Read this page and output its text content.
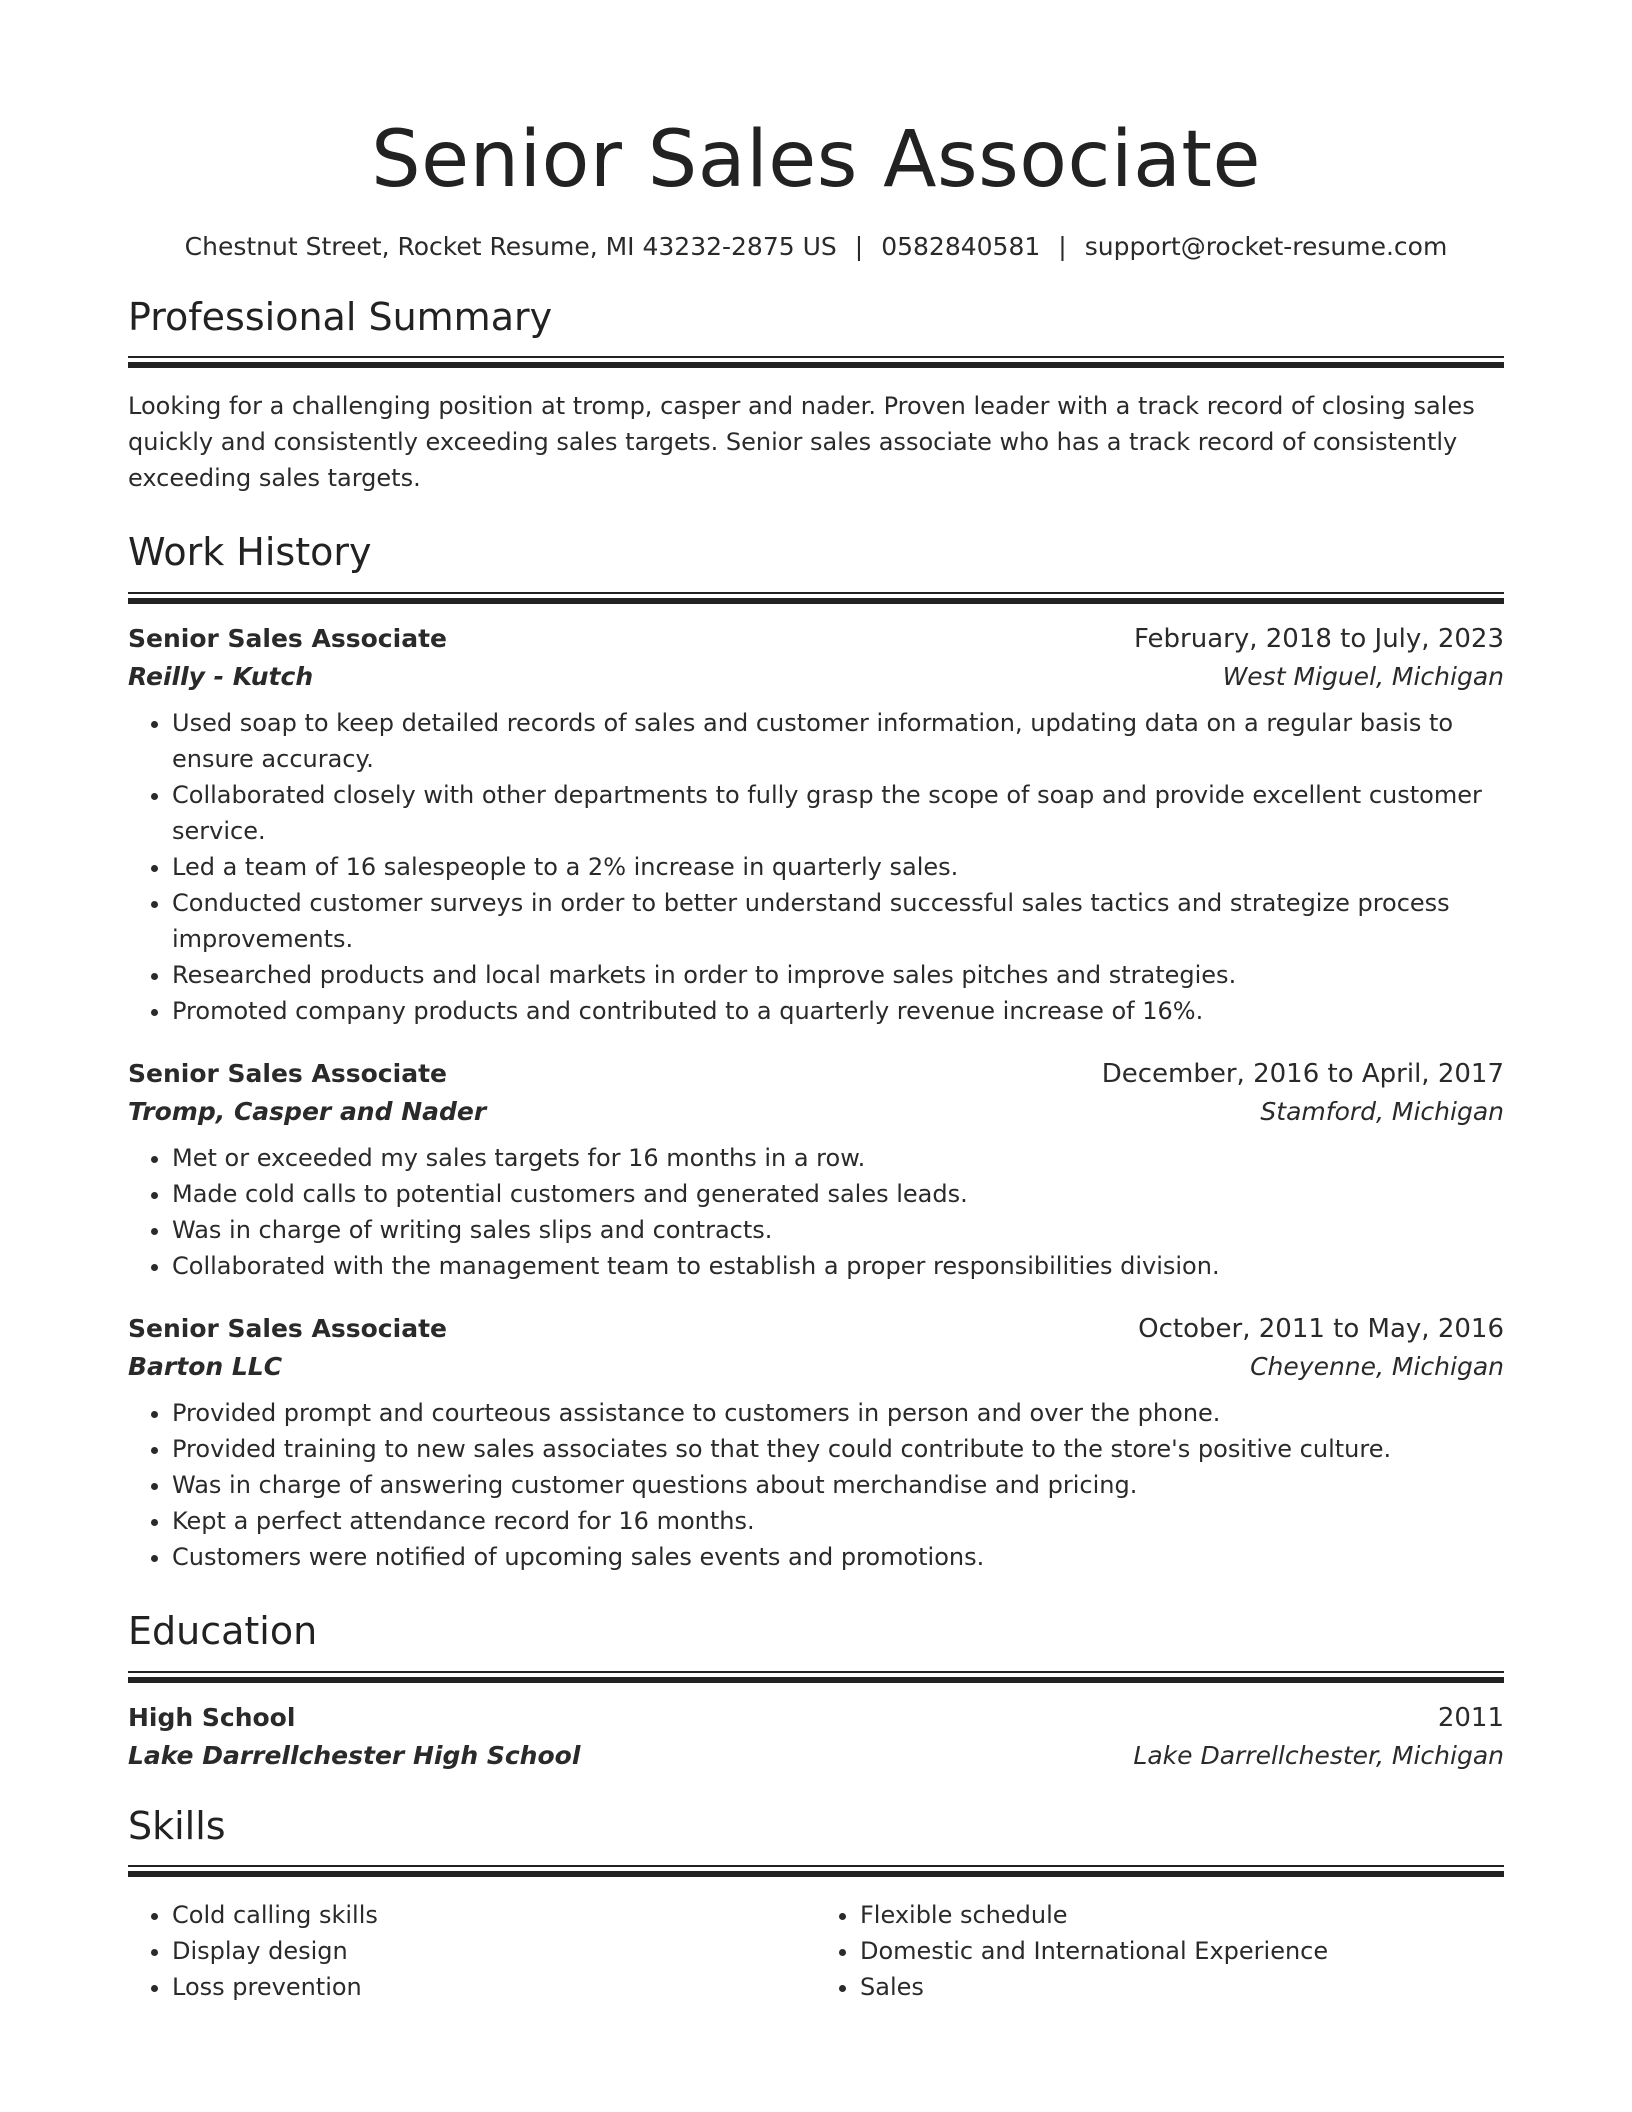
Senior Sales Associate
Chestnut Street, Rocket Resume, MI 43232-2875 US | 0582840581 | support@rocket-resume.com
Professional Summary

Looking for a challenging position at tromp, casper and nader. Proven leader with a track record of closing sales quickly and consistently exceeding sales targets. Senior sales associate who has a track record of consistently exceeding sales targets.

Work History
Senior Sales Associate	February, 2018 to July, 2023
Reilly - Kutch	West Miguel, Michigan
• Used soap to keep detailed records of sales and customer information, updating data on a regular basis to ensure accuracy.
• Collaborated closely with other departments to fully grasp the scope of soap and provide excellent customer service.
• Led a team of 16 salespeople to a 2% increase in quarterly sales.
• Conducted customer surveys in order to better understand successful sales tactics and strategize process improvements.
• Researched products and local markets in order to improve sales pitches and strategies.
• Promoted company products and contributed to a quarterly revenue increase of 16%.
Senior Sales Associate	December, 2016 to April, 2017
Tromp, Casper and Nader	Stamford, Michigan
• Met or exceeded my sales targets for 16 months in a row.
• Made cold calls to potential customers and generated sales leads.
• Was in charge of writing sales slips and contracts.
• Collaborated with the management team to establish a proper responsibilities division.
Senior Sales Associate	October, 2011 to May, 2016
Barton LLC	Cheyenne, Michigan
• Provided prompt and courteous assistance to customers in person and over the phone.
• Provided training to new sales associates so that they could contribute to the store's positive culture.
• Was in charge of answering customer questions about merchandise and pricing.
• Kept a perfect attendance record for 16 months.
• Customers were notified of upcoming sales events and promotions.
Education
High School	2011
Lake Darrellchester High School	Lake Darrellchester, Michigan
Skills
• Cold calling skills
• Display design
• Loss prevention
• Flexible schedule
• Domestic and International Experience
• Sales
